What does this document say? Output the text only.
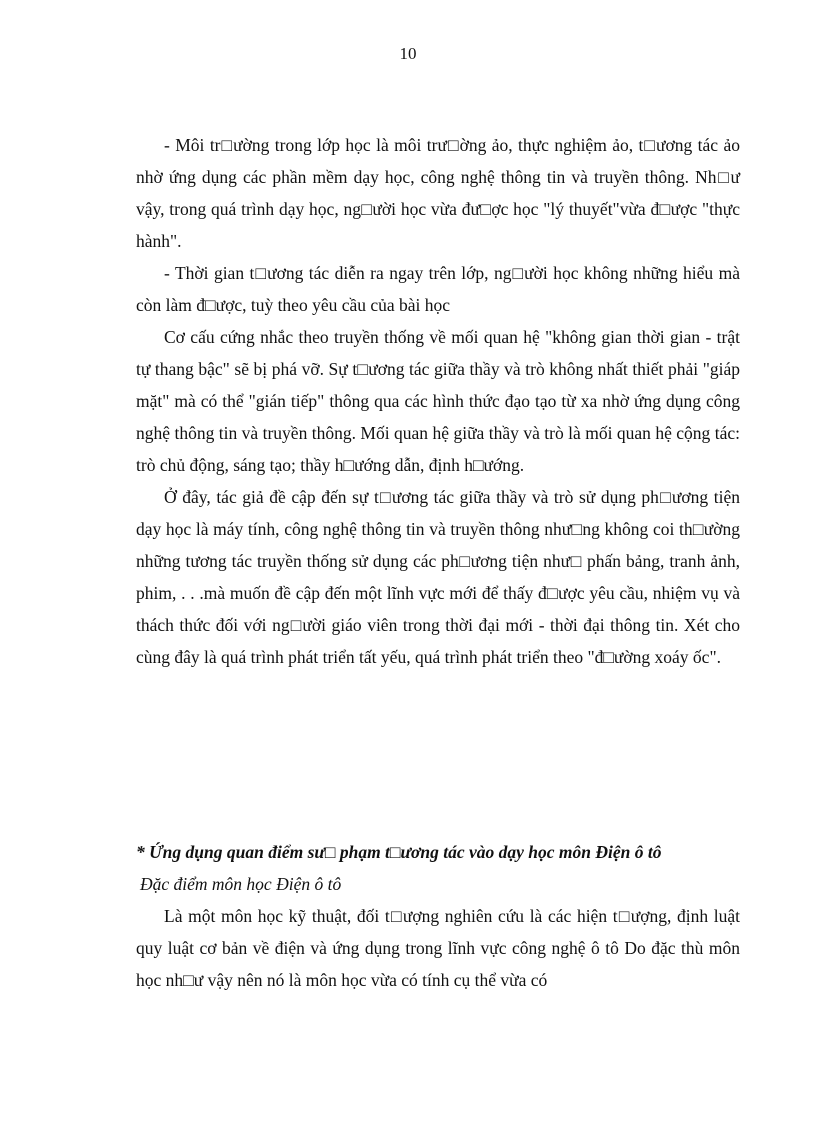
10

- Môi tr□ường trong lớp học là môi trư□ờng ảo, thực nghiệm ảo, t□ương tác ảo nhờ ứng dụng các phần mềm dạy học, công nghệ thông tin và truyền thông. Nh□ư vậy, trong quá trình dạy học, ng□ười học vừa đư□ợc học "lý thuyết"vừa đ□ược "thực hành".

- Thời gian t□ương tác diễn ra ngay trên lớp, ng□ười học không những hiểu mà còn làm đ□ược, tuỳ theo yêu cầu của bài học

Cơ cấu cứng nhắc theo truyền thống về mối quan hệ "không gian thời gian - trật tự thang bậc" sẽ bị phá vỡ. Sự t□ương tác giữa thầy và trò không nhất thiết phải "giáp mặt" mà có thể "gián tiếp" thông qua các hình thức đạo tạo từ xa nhờ ứng dụng công nghệ thông tin và truyền thông. Mối quan hệ giữa thầy và trò là mối quan hệ cộng tác: trò chủ động, sáng tạo; thầy h□ướng dẫn, định h□ướng.

Ở đây, tác giả đề cập đến sự t□ương tác giữa thầy và trò sử dụng ph□ương tiện dạy học là máy tính, công nghệ thông tin và truyền thông như□ng không coi th□ường những tương tác truyền thống sử dụng các ph□ương tiện như□ phấn bảng, tranh ảnh, phim, . . .mà muốn đề cập đến một lĩnh vực mới để thấy đ□ược yêu cầu, nhiệm vụ và thách thức đối với ng□ười giáo viên trong thời đại mới - thời đại thông tin. Xét cho cùng đây là quá trình phát triển tất yếu, quá trình phát triển theo "đ□ường xoáy ốc".

* Ứng dụng quan điểm sư□ phạm t□ương tác vào dạy học môn Điện ô tô
Đặc điểm môn học Điện ô tô

Là một môn học kỹ thuật, đối t□ượng nghiên cứu là các hiện t□ượng, định luật quy luật cơ bản về điện và ứng dụng trong lĩnh vực công nghệ ô tô Do đặc thù môn học nh□ư vậy nên nó là môn học vừa có tính cụ thể vừa có
